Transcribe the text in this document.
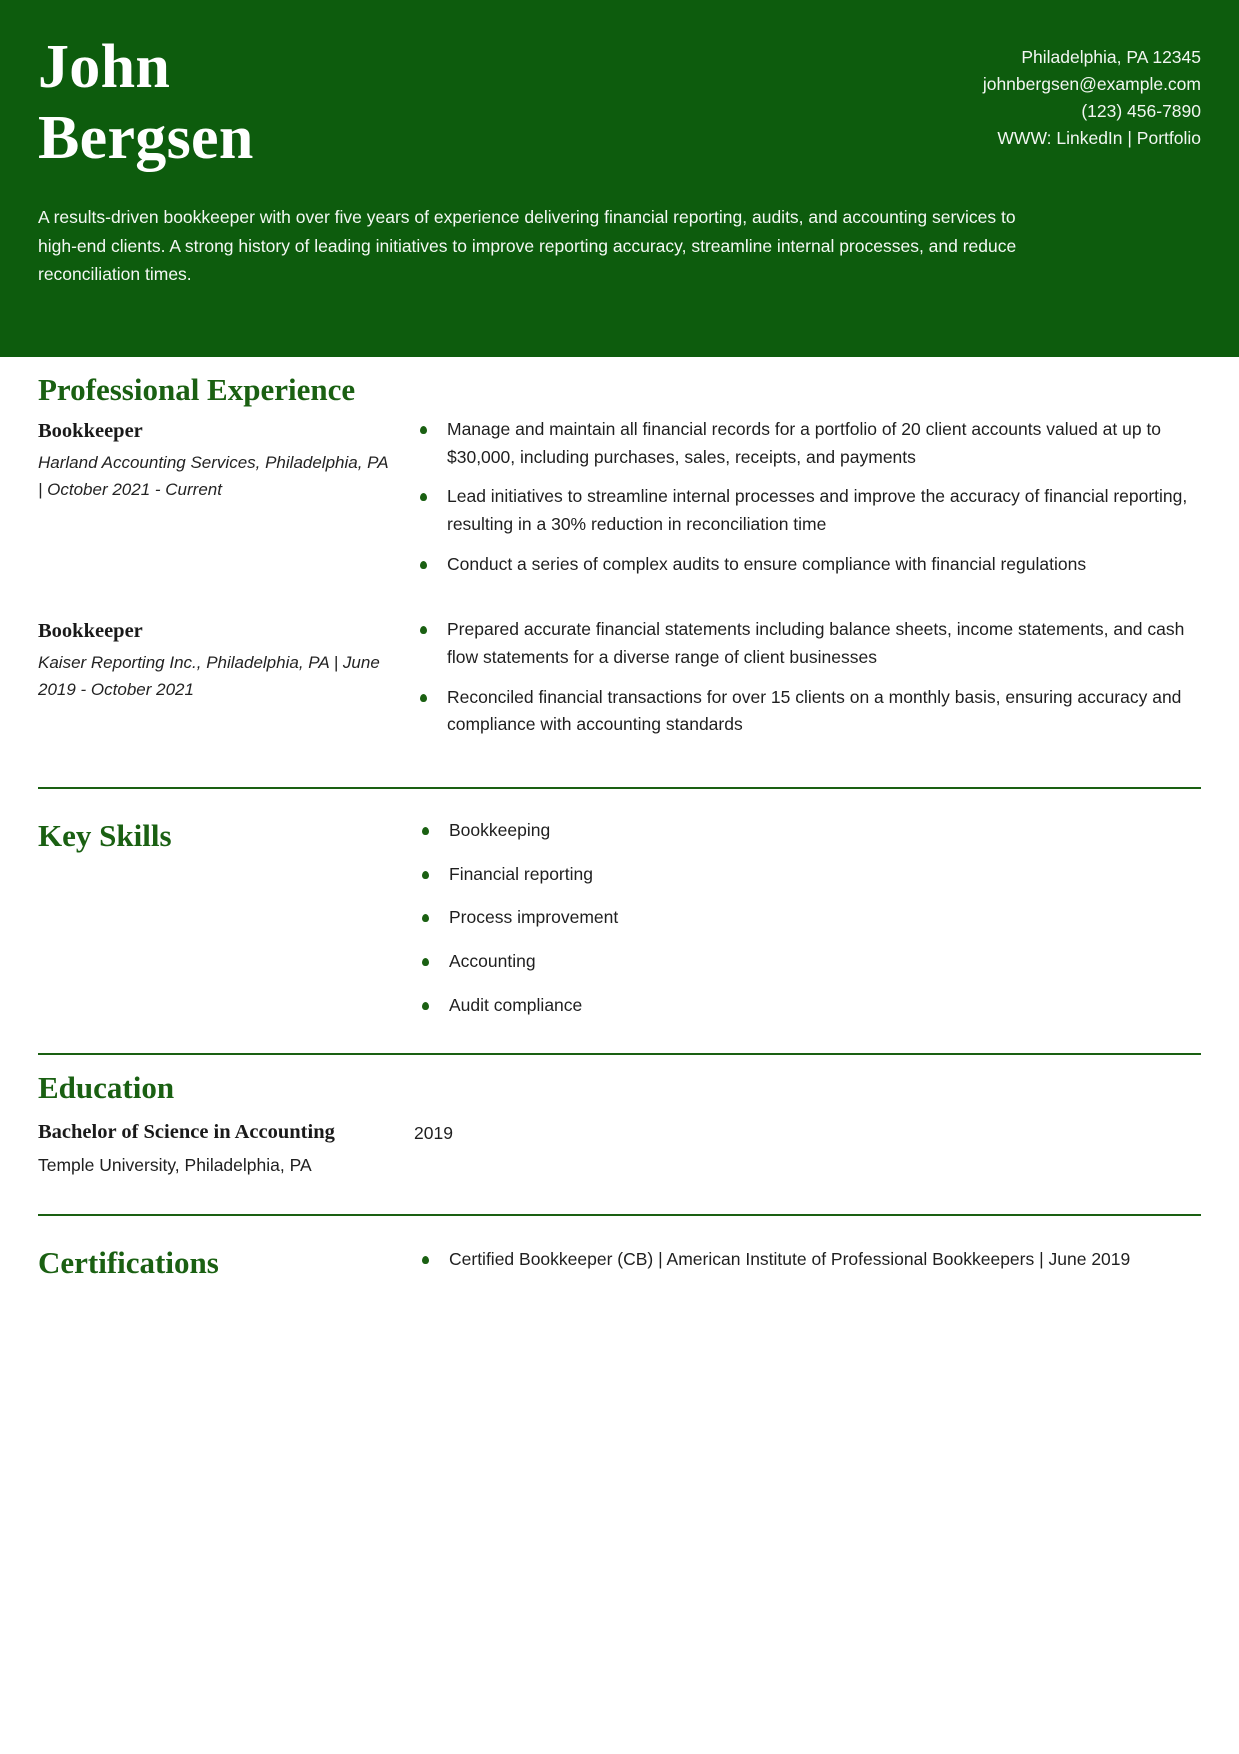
John
Bergsen
Philadelphia, PA 12345
johnbergsen@example.com
(123) 456-7890
WWW: LinkedIn | Portfolio
A results-driven bookkeeper with over five years of experience delivering financial reporting, audits, and accounting services to high-end clients. A strong history of leading initiatives to improve reporting accuracy, streamline internal processes, and reduce reconciliation times.
Professional Experience
Bookkeeper
Harland Accounting Services, Philadelphia, PA | October 2021 - Current
Manage and maintain all financial records for a portfolio of 20 client accounts valued at up to $30,000, including purchases, sales, receipts, and payments
Lead initiatives to streamline internal processes and improve the accuracy of financial reporting, resulting in a 30% reduction in reconciliation time
Conduct a series of complex audits to ensure compliance with financial regulations
Bookkeeper
Kaiser Reporting Inc., Philadelphia, PA | June 2019 - October 2021
Prepared accurate financial statements including balance sheets, income statements, and cash flow statements for a diverse range of client businesses
Reconciled financial transactions for over 15 clients on a monthly basis, ensuring accuracy and compliance with accounting standards
Key Skills	Bookkeeping
Financial reporting
Process improvement
Accounting
Audit compliance
Education
Bachelor of Science in Accounting
Temple University, Philadelphia, PA
2019
Certifications	Certified Bookkeeper (CB) | American Institute of Professional Bookkeepers | June 2019
